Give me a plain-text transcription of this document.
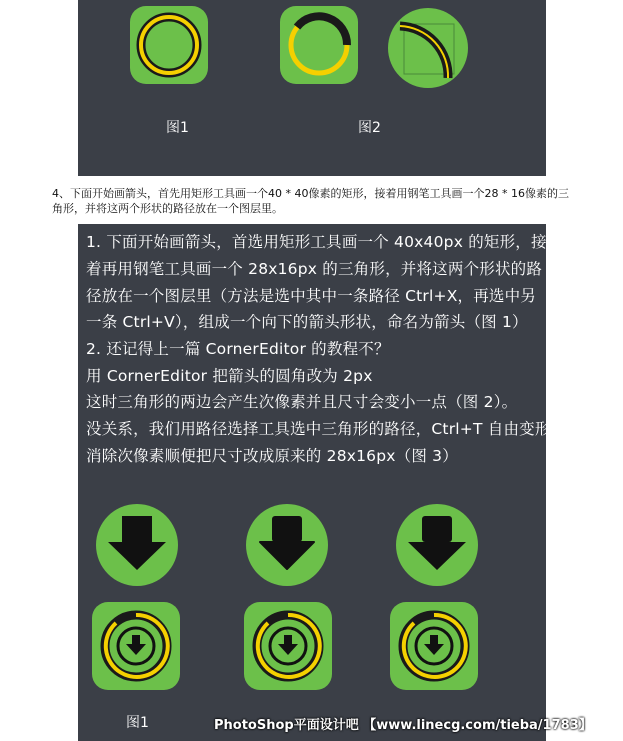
图1	图2
4、下面开始画箭头，首先用矩形工具画一个40 * 40像素的矩形，接着用钢笔工具画一个28 * 16像素的三角形，并将这两个形状的路径放在一个图层里。
1. 下面开始画箭头，首选用矩形工具画一个 40x40px 的矩形，接
着再用钢笔工具画一个 28x16px 的三角形，并将这两个形状的路
径放在一个图层里（方法是选中其中一条路径 Ctrl+X，再选中另
一条 Ctrl+V），组成一个向下的箭头形状，命名为箭头（图 1）
2. 还记得上一篇 CornerEditor 的教程不？
用 CornerEditor 把箭头的圆角改为 2px
这时三角形的两边会产生次像素并且尺寸会变小一点（图 2）。
没关系，我们用路径选择工具选中三角形的路径，Ctrl+T 自由变形
消除次像素顺便把尺寸改成原来的 28x16px（图 3）
图1	PhotoShop平面设计吧 【www.linecg.com/tieba/1783】
